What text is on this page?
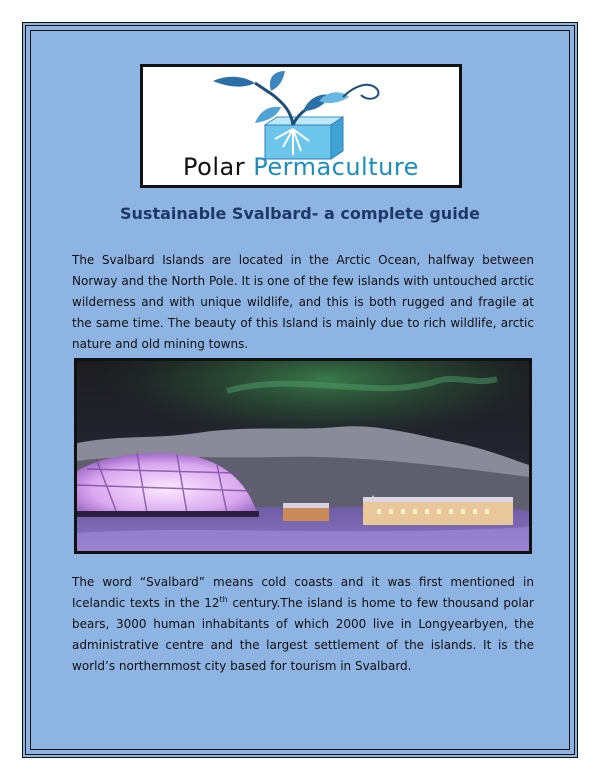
Polar Permaculture
Sustainable Svalbard- a complete guide

The Svalbard Islands are located in the Arctic Ocean, halfway between Norway and the North Pole. It is one of the few islands with untouched arctic wilderness and with unique wildlife, and this is both rugged and fragile at the same time. The beauty of this Island is mainly due to rich wildlife, arctic nature and old mining towns.

The word “Svalbard” means cold coasts and it was first mentioned in Icelandic texts in the 12th century.The island is home to few thousand polar bears, 3000 human inhabitants of which 2000 live in Longyearbyen, the administrative centre and the largest settlement of the islands. It is the world’s northernmost city based for tourism in Svalbard.
